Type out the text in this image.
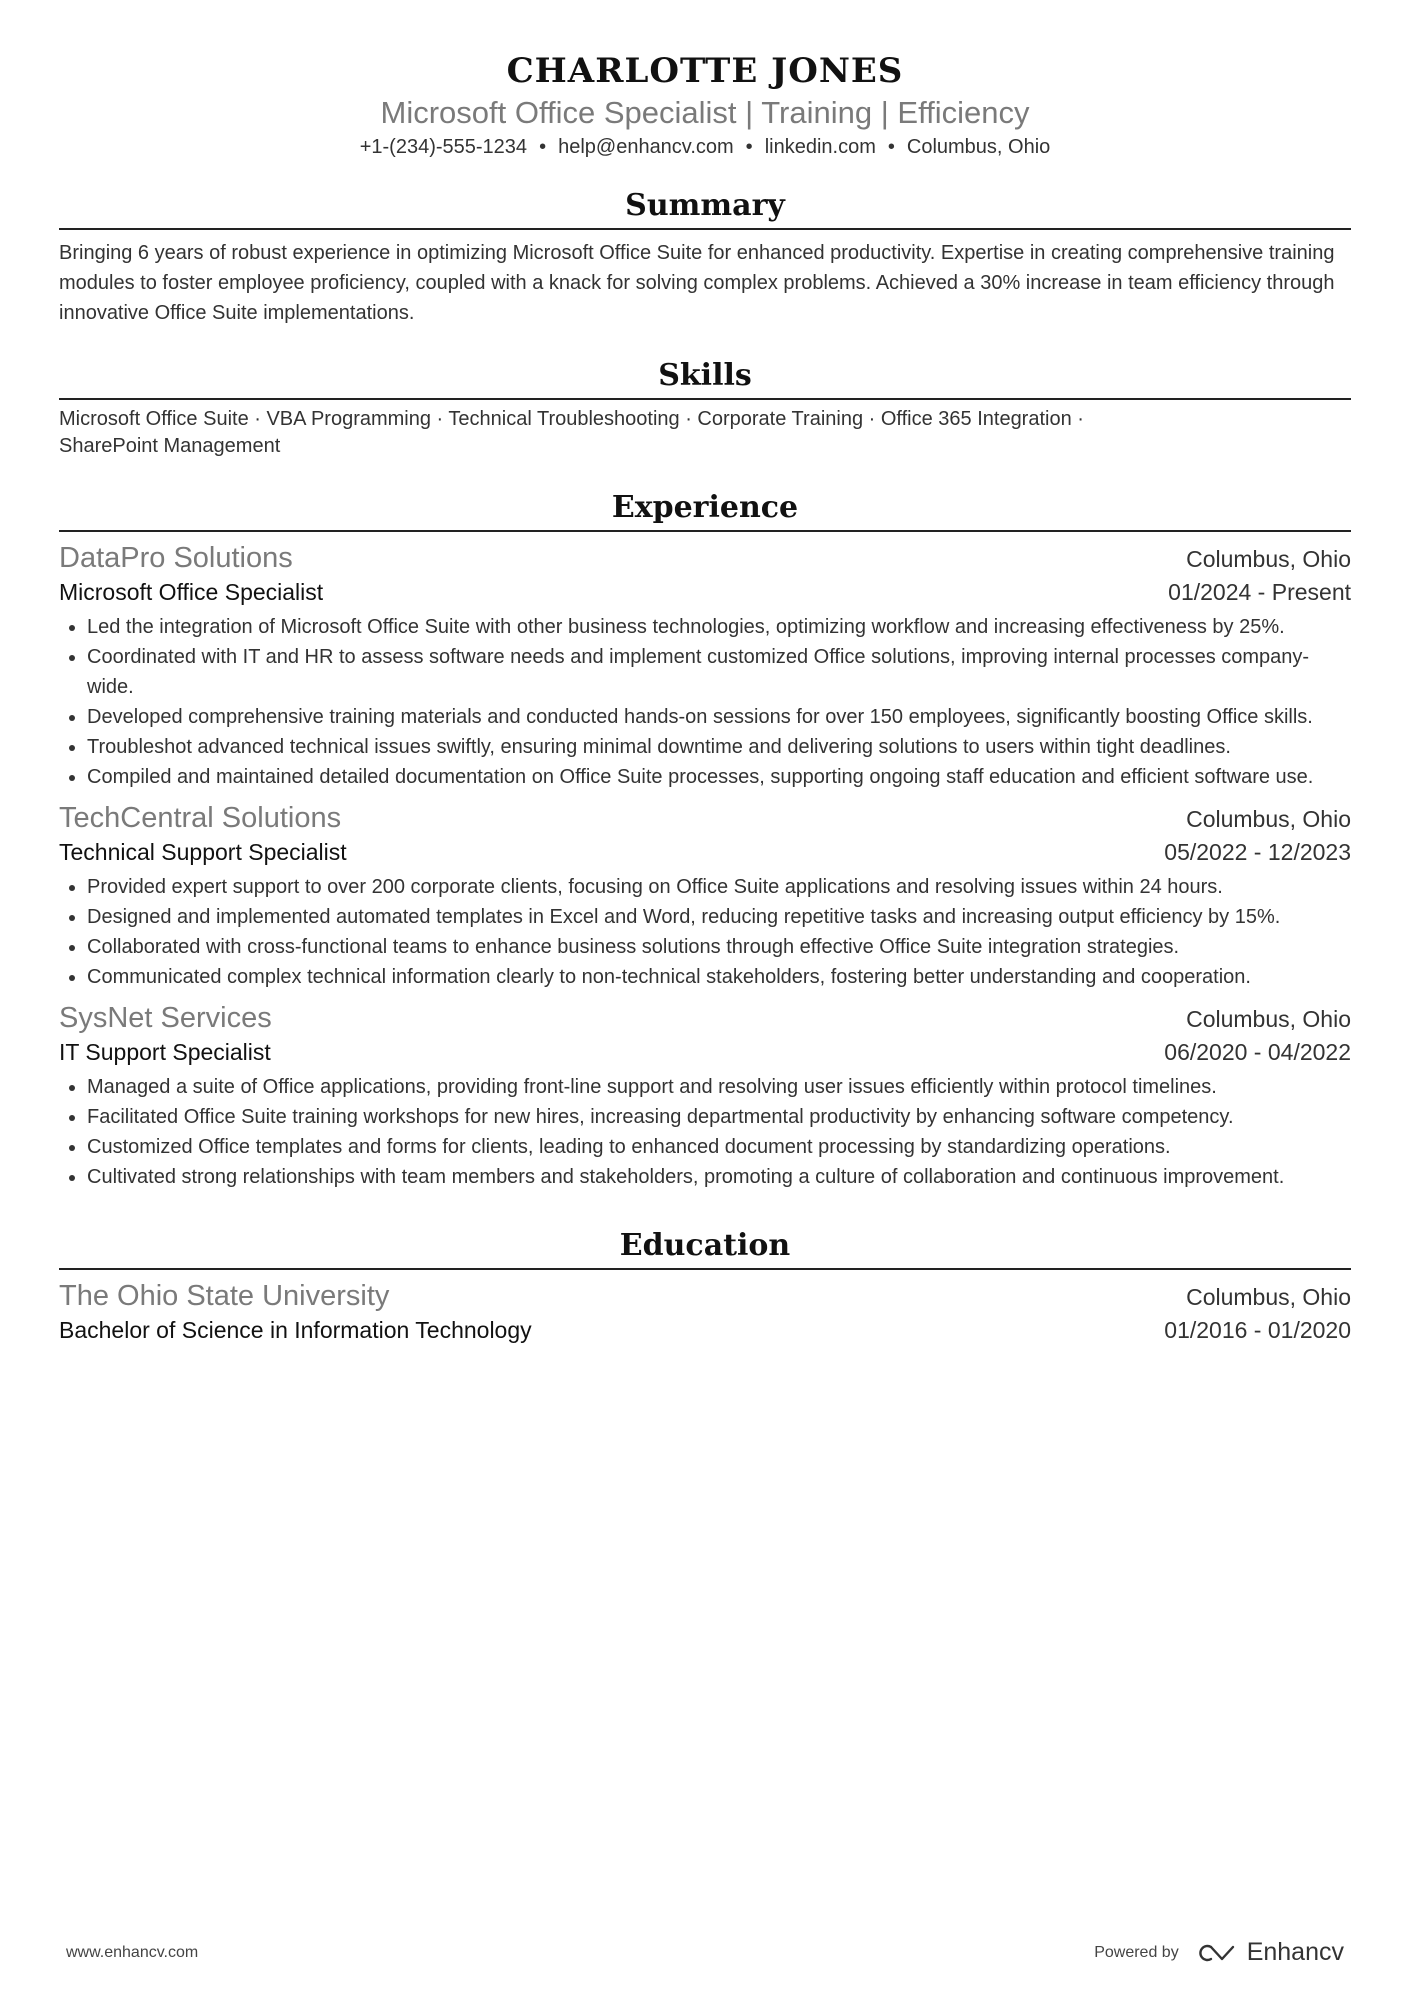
CHARLOTTE JONES
Microsoft Office Specialist | Training | Efficiency
+1-(234)-555-1234 • help@enhancv.com • linkedin.com • Columbus, Ohio
Summary
Bringing 6 years of robust experience in optimizing Microsoft Office Suite for enhanced productivity. Expertise in creating comprehensive training modules to foster employee proficiency, coupled with a knack for solving complex problems. Achieved a 30% increase in team efficiency through innovative Office Suite implementations.
Skills
Microsoft Office Suite · VBA Programming · Technical Troubleshooting · Corporate Training · Office 365 Integration ·
SharePoint Management
Experience
DataPro Solutions	Columbus, Ohio
Microsoft Office Specialist	01/2024 - Present
• Led the integration of Microsoft Office Suite with other business technologies, optimizing workflow and increasing effectiveness by 25%.
• Coordinated with IT and HR to assess software needs and implement customized Office solutions, improving internal processes company-wide.
• Developed comprehensive training materials and conducted hands-on sessions for over 150 employees, significantly boosting Office skills.
• Troubleshot advanced technical issues swiftly, ensuring minimal downtime and delivering solutions to users within tight deadlines.
• Compiled and maintained detailed documentation on Office Suite processes, supporting ongoing staff education and efficient software use.
TechCentral Solutions	Columbus, Ohio
Technical Support Specialist	05/2022 - 12/2023
• Provided expert support to over 200 corporate clients, focusing on Office Suite applications and resolving issues within 24 hours.
• Designed and implemented automated templates in Excel and Word, reducing repetitive tasks and increasing output efficiency by 15%.
• Collaborated with cross-functional teams to enhance business solutions through effective Office Suite integration strategies.
• Communicated complex technical information clearly to non-technical stakeholders, fostering better understanding and cooperation.
SysNet Services	Columbus, Ohio
IT Support Specialist	06/2020 - 04/2022
• Managed a suite of Office applications, providing front-line support and resolving user issues efficiently within protocol timelines.
• Facilitated Office Suite training workshops for new hires, increasing departmental productivity by enhancing software competency.
• Customized Office templates and forms for clients, leading to enhanced document processing by standardizing operations.
• Cultivated strong relationships with team members and stakeholders, promoting a culture of collaboration and continuous improvement.
Education
The Ohio State University	Columbus, Ohio
Bachelor of Science in Information Technology	01/2016 - 01/2020
www.enhancv.com	Powered by	Enhancv
